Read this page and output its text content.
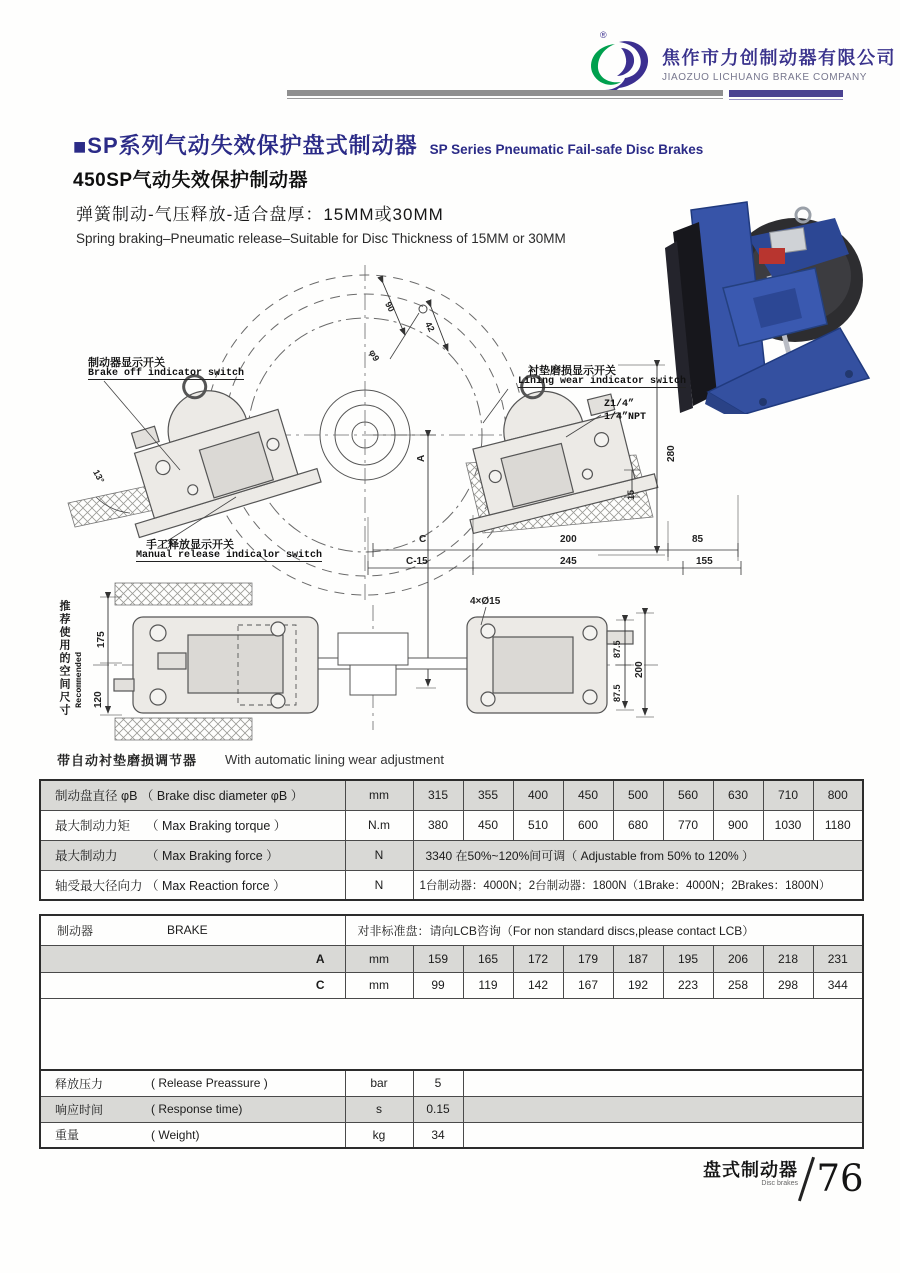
®
焦作市力创制动器有限公司
JIAOZUO LICHUANG BRAKE COMPANY
■ SP系列气动失效保护盘式制动器 SP Series Pneumatic Fail-safe Disc Brakes
450SP气动失效保护制动器
弹簧制动-气压释放-适合盘厚：15MM或30MM
Spring braking–Pneumatic release–Suitable for Disc Thickness of 15MM or 30MM
制动器显示开关
Brake off indicator switch
手工释放显示开关
Manual release indicalor switch
衬垫磨损显示开关
Lining wear indicator switch
Z1/4”
1/4”NPT
90
42
φ9
13°
A
C	200	85
C-15	245	155
280
15
推荐使用的空间尺寸 Recommended
175
120
4×Ø15
87.5
87.5
200
带自动衬垫磨损调节器 With automatic lining wear adjustment
制动盘直径 φB （ Brake disc diameter φB ）	mm	315	355	400	450	500	560	630	710	800
最大制动力矩　 （ Max Braking torque ）	N.m	380	450	510	600	680	770	900	1030	1180
最大制动力　　 （ Max Braking force ）	N	3340 在50%~120%间可调（ Adjustable from 50% to 120% ）								
轴受最大径向力 （ Max Reaction force ）	N	1台制动器：4000N；2台制动器：1800N（1Brake：4000N；2Brakes：1800N）								
制动器 BRAKE	对非标准盘：请向LCB咨询（For non standard discs,please contact LCB）									
A	mm	159	165	172	179	187	195	206	218	231
C	mm	99	119	142	167	192	223	258	298	344

释放压力 ( Release Preassure )	bar	5								

响应时间 ( Response time)	s	0.15								

重量 ( Weight)	kg	34								
盘式制动器
Disc brakes 76
